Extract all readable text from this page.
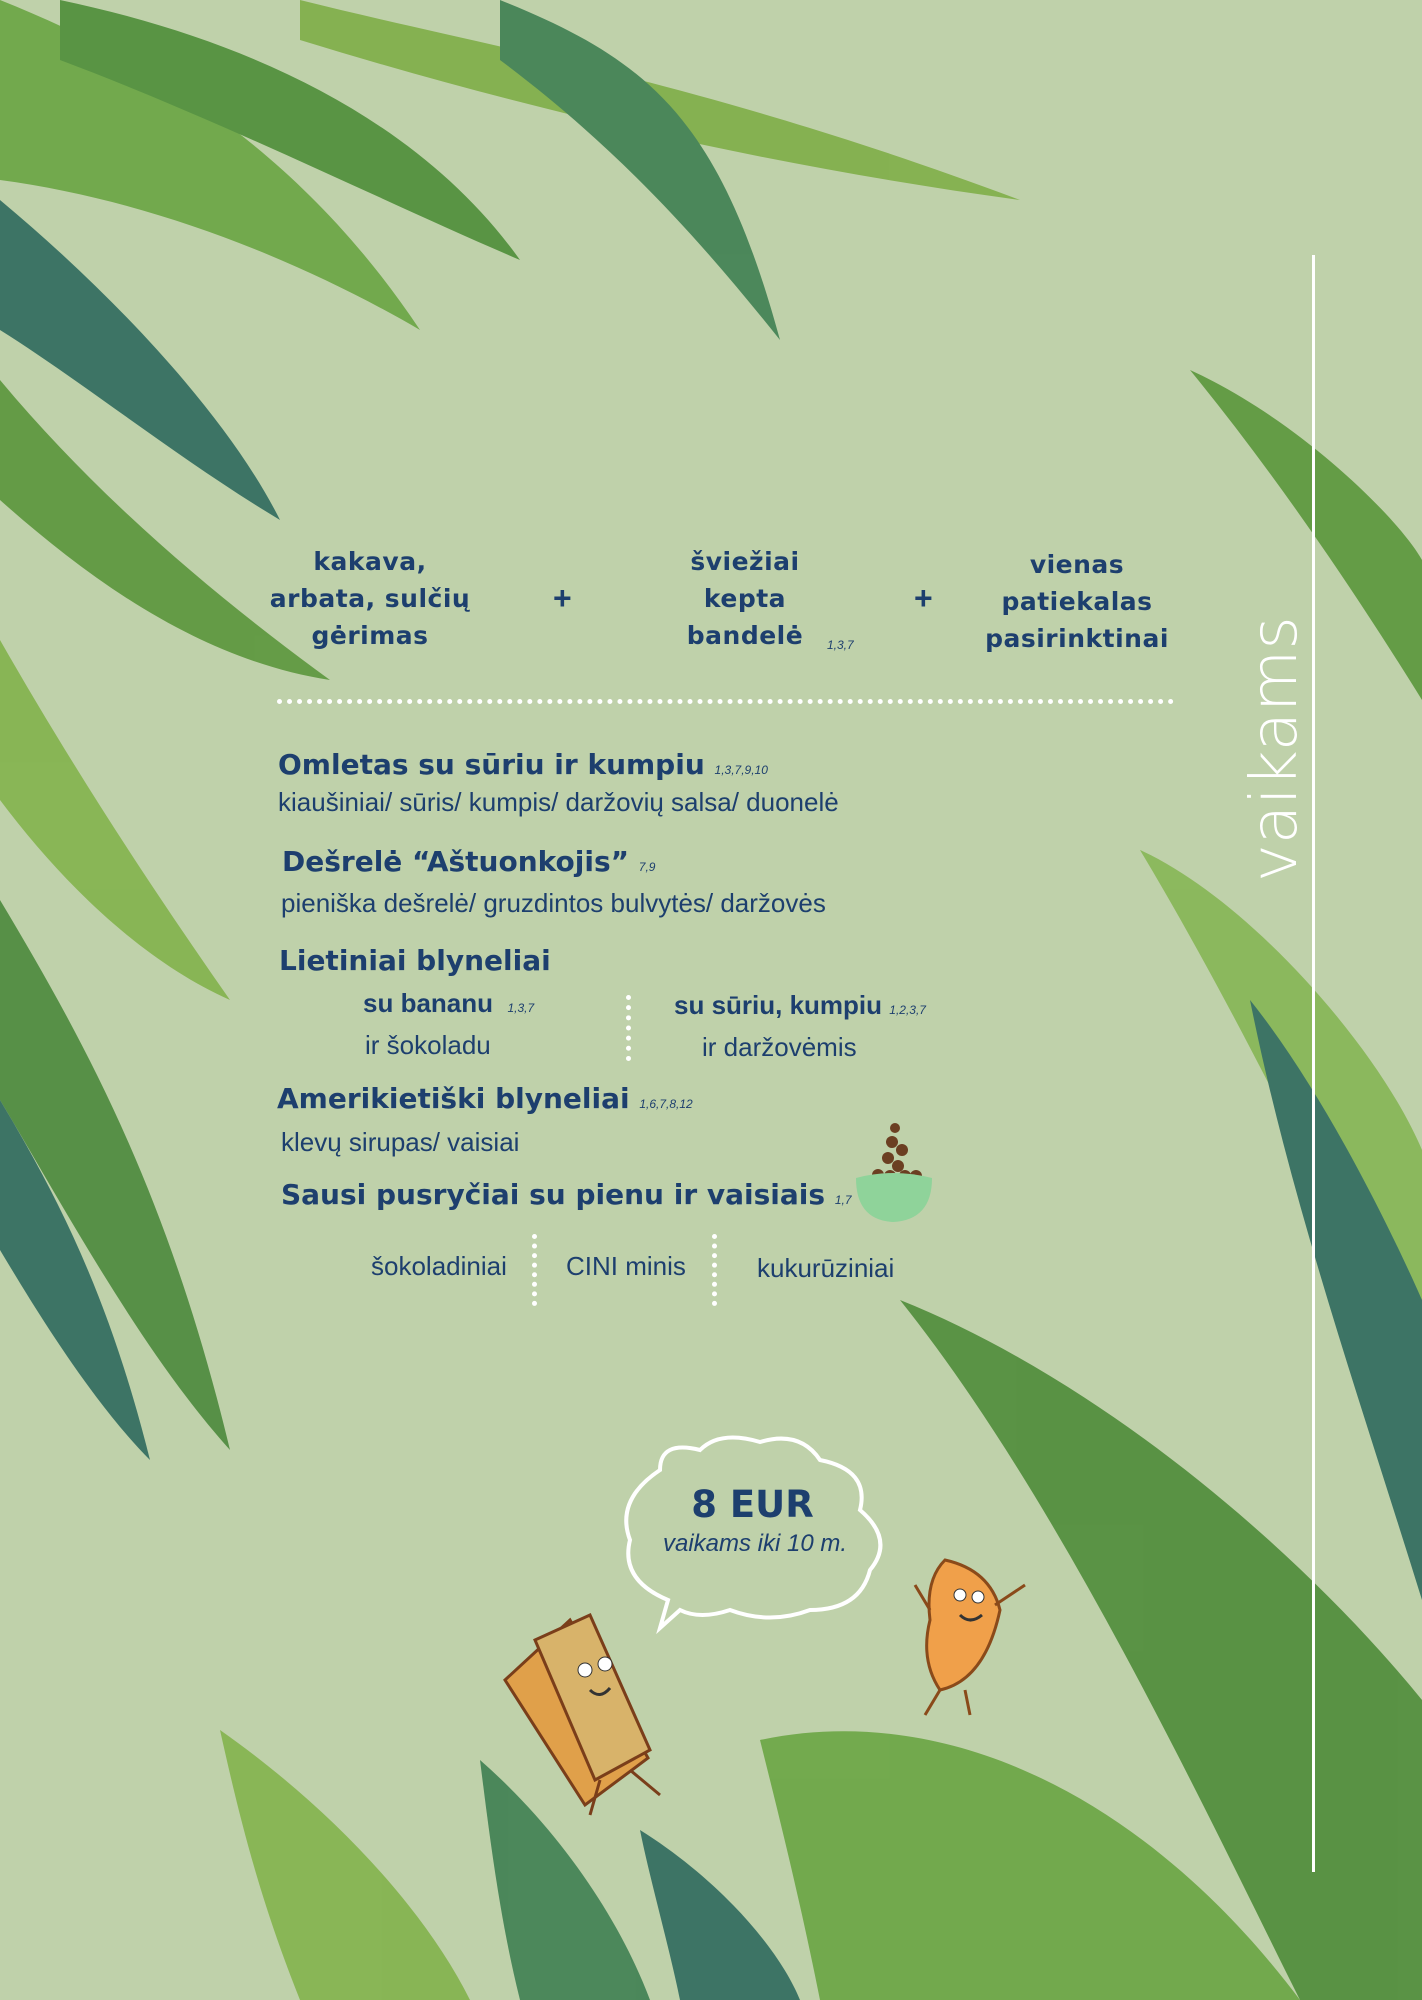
vaikams
kakava,
arbata, sulčių
gėrimas
+
šviežiai
kepta
bandelė	1,3,7
+
vienas
patiekalas
pasirinktinai
Omletas su sūriu ir kumpiu 1,3,7,9,10
kiaušiniai/ sūris/ kumpis/ daržovių salsa/ duonelė
Dešrelė “Aštuonkojis” 7,9
pieniška dešrelė/ gruzdintos bulvytės/ daržovės
Lietiniai blyneliai
su bananu 1,3,7
ir šokoladu
su sūriu, kumpiu 1,2,3,7
ir daržovėmis
Amerikietiški blyneliai 1,6,7,8,12
klevų sirupas/ vaisiai
Sausi pusryčiai su pienu ir vaisiais 1,7
šokoladiniai CINI minis	kukurūziniai
8 EUR
vaikams iki 10 m.
